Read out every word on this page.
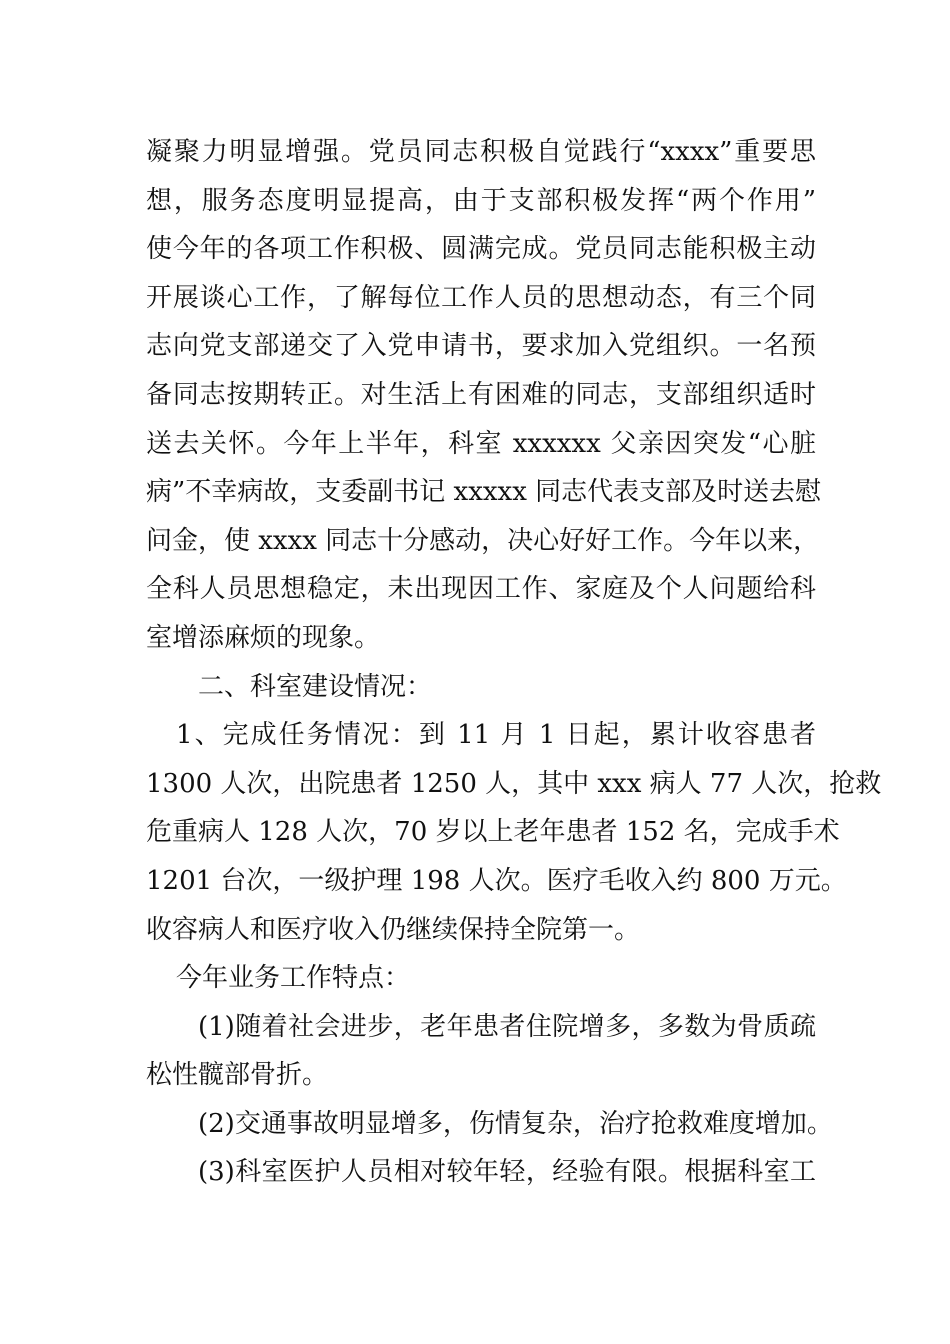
凝聚力明显增强。党员同志积极自觉践行“xxxx”重要思
想，服务态度明显提高，由于支部积极发挥“两个作用”
使今年的各项工作积极、圆满完成。党员同志能积极主动
开展谈心工作，了解每位工作人员的思想动态，有三个同
志向党支部递交了入党申请书，要求加入党组织。一名预
备同志按期转正。对生活上有困难的同志，支部组织适时
送去关怀。今年上半年，科室 xxxxxx 父亲因突发“心脏
病”不幸病故，支委副书记 xxxxx 同志代表支部及时送去慰
问金，使 xxxx 同志十分感动，决心好好工作。今年以来，
全科人员思想稳定，未出现因工作、家庭及个人问题给科
室增添麻烦的现象。
二、科室建设情况：
1、完成任务情况：到 11 月 1 日起，累计收容患者
1300 人次，出院患者 1250 人，其中 xxx 病人 77 人次，抢救
危重病人 128 人次，70 岁以上老年患者 152 名，完成手术
1201 台次，一级护理 198 人次。医疗毛收入约 800 万元。
收容病人和医疗收入仍继续保持全院第一。
今年业务工作特点：
(1)随着社会进步，老年患者住院增多，多数为骨质疏
松性髋部骨折。
(2)交通事故明显增多，伤情复杂，治疗抢救难度增加。
(3)科室医护人员相对较年轻，经验有限。根据科室工
